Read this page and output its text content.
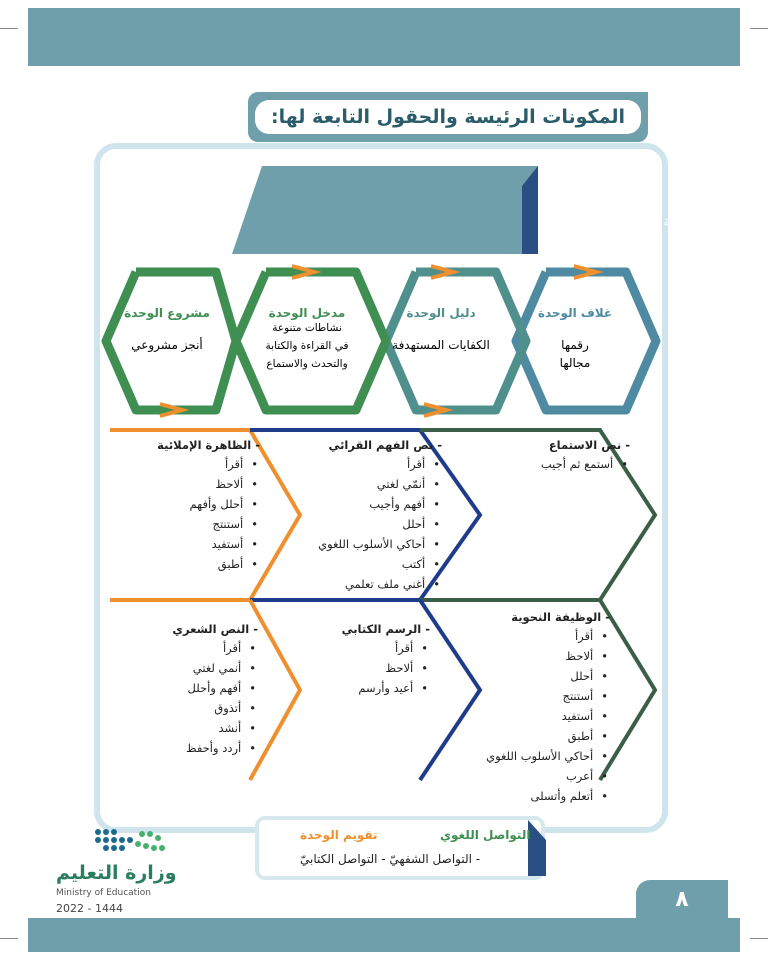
المكونات الرئيسة والحقول التابعة لها:
التهيئة
مراجعة المكتسبات السابقة
غلاف الوحدة
رقمها
مجالها
دليل الوحدة
الكفايات المستهدفة
مدخل الوحدة
نشاطات متنوعة
في القراءة والكتابة
والتحدث والاستماع
مشروع الوحدة
أنجز مشروعي
- نص الاستماع
• أستمع ثم أجيب
- نص الفهم القرائي
• أقرأ
• أنمّي لغتي
• أفهم وأجيب
• أحلل
• أحاكي الأسلوب اللغوي
• أكتب
• أغني ملف تعلمي
- الظاهرة الإملائية
• أقرأ
• ألاحظ
• أحلل وأفهم
• أستنتج
• أستفيد
• أطبق
- الوظيفة النحوية
• أقرأ
• ألاحظ
• أحلل
• أستنتج
• أستفيد
• أطبق
• أحاكي الأسلوب اللغوي
• أعرب
• أتعلم وأتسلى
- الرسم الكتابي
• أقرأ
• ألاحظ
• أعيد وأرسم
- النص الشعري
• أقرأ
• أنمي لغتي
• أفهم وأحلل
• أتذوق
• أنشد
• أردد وأحفظ
التواصل اللغوي
تقويم الوحدة
- التواصل الشفهيّ - التواصل الكتابيّ
وزارة التعليم
Ministry of Education
2022 - 1444	٨
